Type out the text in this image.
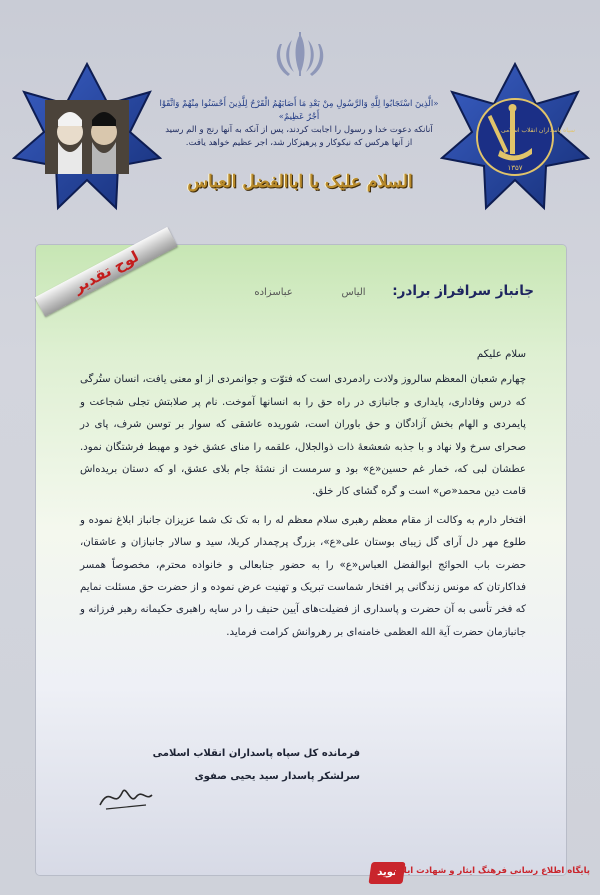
سپاه پاسداران انقلاب اسلامی
۱۳۵۷
«الَّذِينَ اسْتَجَابُوا لِلَّهِ وَالرَّسُولِ مِنْ بَعْدِ مَا أَصَابَهُمُ الْقَرْحُ لِلَّذِينَ أَحْسَنُوا مِنْهُمْ وَاتَّقَوْا أَجْرٌ عَظِيمٌ»
آنانکه دعوت خدا و رسول را اجابت کردند، پس از آنکه به آنها رنج و الم رسید
از آنها هرکس که نیکوکار و پرهیزکار شد، اجر عظیم خواهد یافت.
السلام علیک یا اباالفضل العباس
لوح تقدیر	جانباز سرافراز برادر: الیاس عباسزاده

سلام علیکم

چهارم شعبان المعظم سالروز ولادت رادمردی است که فتوّت و جوانمردی از او معنی یافت، انسان ستُرگی که درس وفاداری، پایداری و جانبازی در راه حق را به انسانها آموخت. نام پر صلابتش تجلی شجاعت و پایمردی و الهام بخش آزادگان و حق باوران است، شوریده عاشقی که سوار بر توسن شرف، پای در صحرای سرخ ولا نهاد و با جذبه شعشعهٔ ذات ذوالجلال، علقمه را منای عشق خود و مهبط فرشتگان نمود. عطشان لبی که، خمار غم حسین«ع» بود و سرمست از نشئهٔ جام بلای عشق، او که دستان بریده‌اش قامت دین محمد«ص» است و گره گشای کار خلق.

افتخار دارم به وکالت از مقام معظم رهبری سلام معظم له را به تک تک شما عزیزان جانباز ابلاغ نموده و طلوع مهر دل آرای گل زیبای بوستان علی«ع»، بزرگ پرچمدار کربلا، سید و سالار جانبازان و عاشقان، حضرت باب الحوائج ابوالفضل العباس«ع» را به حضور جنابعالی و خانواده محترم، مخصوصاً همسر فداکارتان که مونس زندگانی پر افتخار شماست تبریک و تهنیت عرض نموده و از حضرت حق مسئلت نمایم که فخر تأسی به آن حضرت و پاسداری از فضیلت‌های آیین حنیف را در سایه راهبری حکیمانه رهبر فرزانه و جانبازمان حضرت آیة الله العظمی خامنه‌ای بر رهروانش کرامت فرماید.

فرمانده کل سپاه پاسداران انقلاب اسلامی
سرلشکر پاسدار سید یحیی صفوی
نوید
پایگاه اطلاع رسانی فرهنگ ایثار و شهادت ایلام
